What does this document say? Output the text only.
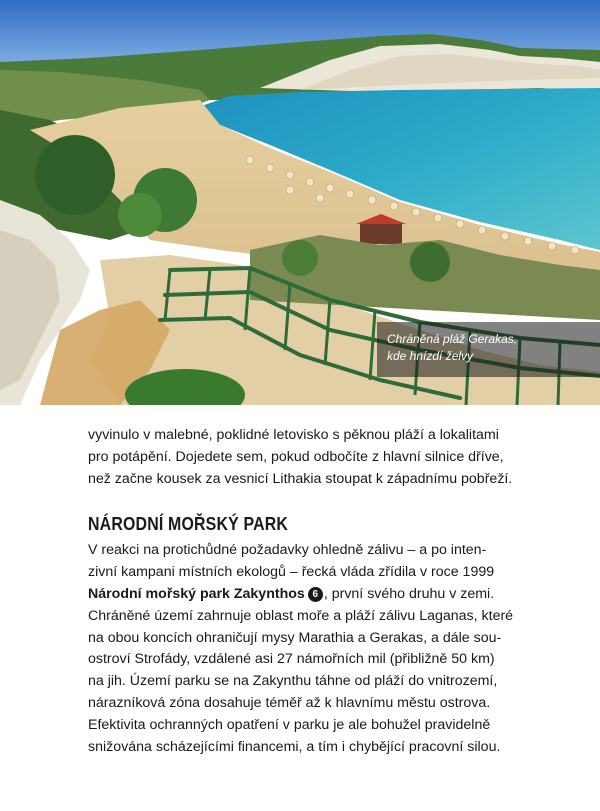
Chráněná pláž Gerakas,
kde hnízdí želvy

vyvinulo v malebné, poklidné letovisko s pěknou pláží a lokalitami
pro potápění. Dojedete sem, pokud odbočíte z hlavní silnice dříve,
než začne kousek za vesnicí Lithakia stoupat k západnímu pobřeží.

NÁRODNÍ MOŘSKÝ PARK

V reakci na protichůdné požadavky ohledně zálivu – a po inten-
zivní kampani místních ekologů – řecká vláda zřídila v roce 1999
Národní mořský park Zakynthos 6 , první svého druhu v zemi.
Chráněné území zahrnuje oblast moře a pláží zálivu Laganas, které
na obou koncích ohraničují mysy Marathia a Gerakas, a dále sou-
ostroví Strofády, vzdálené asi 27 námořních mil (přibližně 50 km)
na jih. Území parku se na Zakynthu táhne od pláží do vnitrozemí,
nárazníková zóna dosahuje téměř až k hlavnímu městu ostrova.
Efektivita ochranných opatření v parku je ale bohužel pravidelně
snižována scházejícími financemi, a tím i chybějící pracovní silou.
